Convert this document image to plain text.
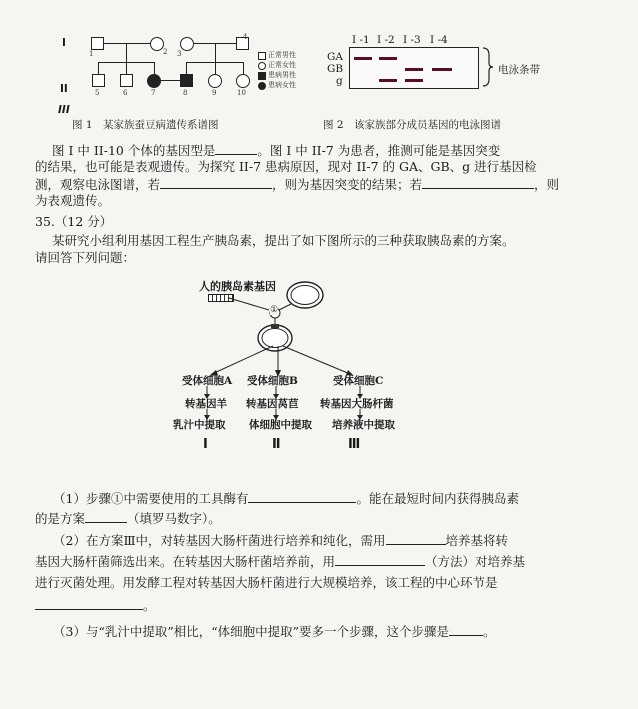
I
II
III
1	2 3
4
5	6	7	8	9	10
正常男性
正常女性
患病男性
患病女性
图 1　某家族蚕豆病遗传系谱图
I -1 I -2 I -3 I -4
GA
GB
g
电泳条带
图 2　该家族部分成员基因的电泳图谱
图 I 中 II-10 个体的基因型是	。图 I 中 II-7 为患者，推测可能是基因突变
的结果，也可能是表观遗传。为探究 II-7 患病原因，现对 II-7 的 GA、GB、g 进行基因检
测，观察电泳图谱，若	，则为基因突变的结果；若	，则
为表观遗传。
35.（12 分）
某研究小组利用基因工程生产胰岛素，提出了如下图所示的三种获取胰岛素的方案。
请回答下列问题：
人的胰岛素基因
①
受体细胞A 受体细胞B	受体细胞C
转基因羊 转基因莴苣 转基因大肠杆菌
乳汁中提取 体细胞中提取 培养液中提取
Ⅰ	Ⅱ	Ⅲ
（1）步骤①中需要使用的工具酶有	。能在最短时间内获得胰岛素
的是方案	（填罗马数字）。
（2）在方案Ⅲ中，对转基因大肠杆菌进行培养和纯化，需用	培养基将转
基因大肠杆菌筛选出来。在转基因大肠杆菌培养前，用	（方法）对培养基
进行灭菌处理。用发酵工程对转基因大肠杆菌进行大规模培养，该工程的中心环节是
。
（3）与“乳汁中提取”相比，“体细胞中提取”要多一个步骤，这个步骤是	。
